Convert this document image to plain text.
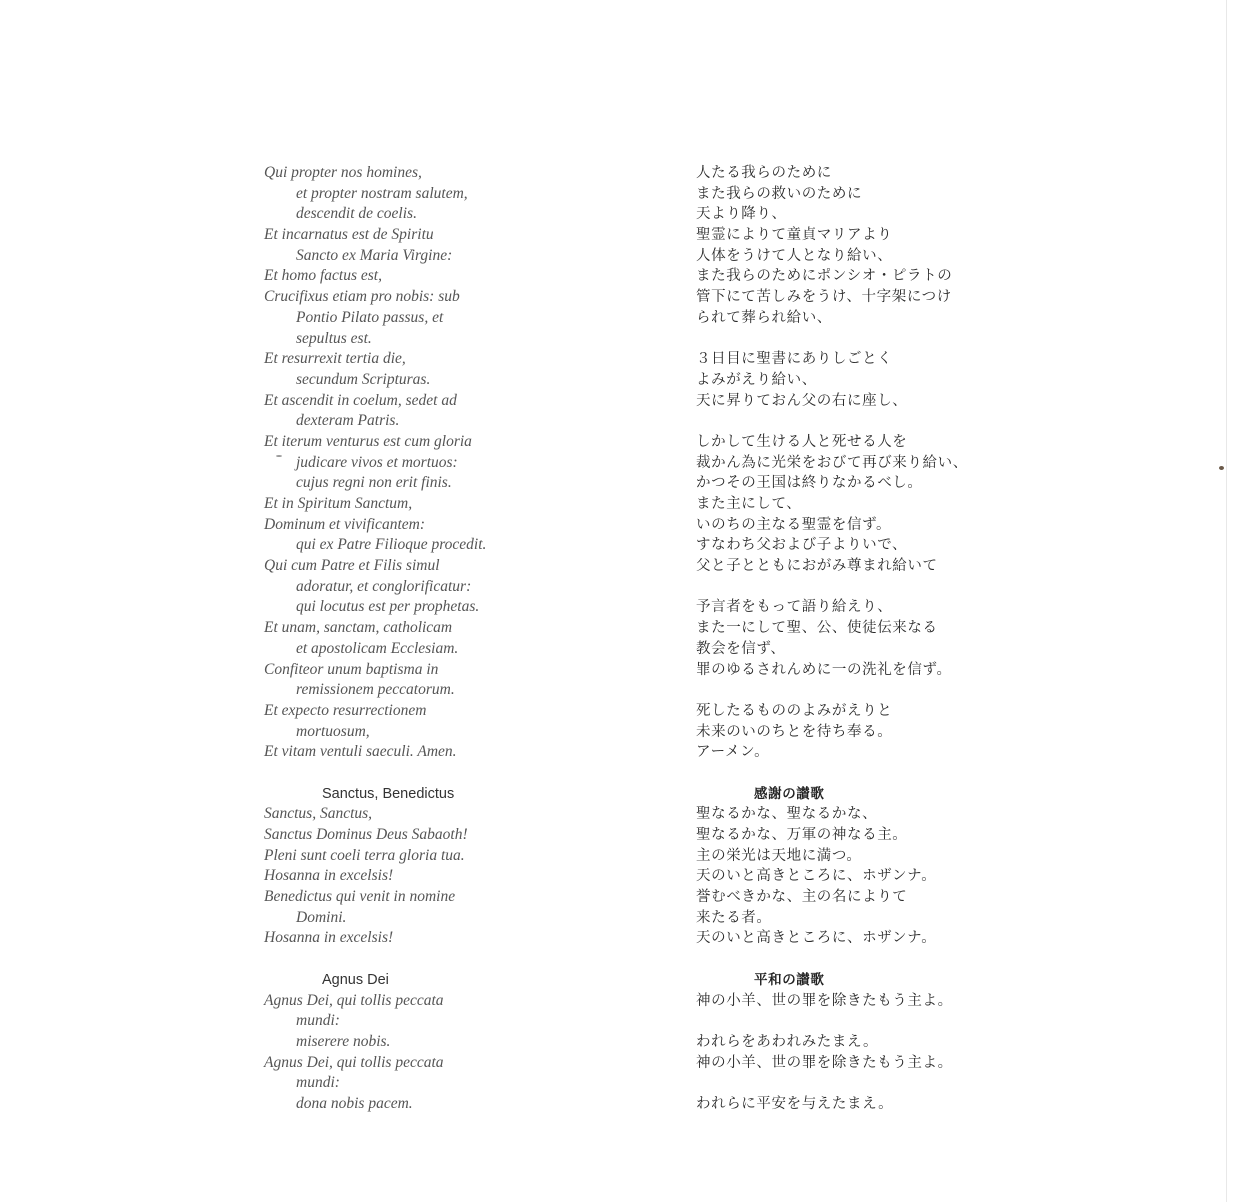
Qui propter nos homines,
et propter nostram salutem,
descendit de coelis.
Et incarnatus est de Spiritu
Sancto ex Maria Virgine:
Et homo factus est,
Crucifixus etiam pro nobis: sub
Pontio Pilato passus, et
sepultus est.
Et resurrexit tertia die,
secundum Scripturas.
Et ascendit in coelum, sedet ad
dexteram Patris.
Et iterum venturus est cum gloria
judicare vivos et mortuos:
cujus regni non erit finis.
Et in Spiritum Sanctum,
Dominum et vivificantem:
qui ex Patre Filioque procedit.
Qui cum Patre et Filis simul
adoratur, et conglorificatur:
qui locutus est per prophetas.
Et unam, sanctam, catholicam
et apostolicam Ecclesiam.
Confiteor unum baptisma in
remissionem peccatorum.
Et expecto resurrectionem
mortuosum,
Et vitam ventuli saeculi. Amen.
Sanctus, Benedictus
Sanctus, Sanctus,
Sanctus Dominus Deus Sabaoth!
Pleni sunt coeli terra gloria tua.
Hosanna in excelsis!
Benedictus qui venit in nomine
Domini.
Hosanna in excelsis!
Agnus Dei
Agnus Dei, qui tollis peccata
mundi:
miserere nobis.
Agnus Dei, qui tollis peccata
mundi:
dona nobis pacem.
人たる我らのために
また我らの救いのために
天より降り、
聖霊によりて童貞マリアより
人体をうけて人となり給い、
また我らのためにポンシオ・ピラトの
管下にて苦しみをうけ、十字架につけ
られて葬られ給い、
３日目に聖書にありしごとく
よみがえり給い、
天に昇りておん父の右に座し、
しかして生ける人と死せる人を
裁かん為に光栄をおびて再び来り給い、
かつその王国は終りなかるべし。
また主にして、
いのちの主なる聖霊を信ず。
すなわち父および子よりいで、
父と子とともにおがみ尊まれ給いて
予言者をもって語り給えり、
また一にして聖、公、使徒伝来なる
教会を信ず、
罪のゆるされんめに一の洗礼を信ず。
死したるもののよみがえりと
未来のいのちとを待ち奉る。
アーメン。
感謝の讃歌
聖なるかな、聖なるかな、
聖なるかな、万軍の神なる主。
主の栄光は天地に満つ。
天のいと高きところに、ホザンナ。
誉むべきかな、主の名によりて
来たる者。
天のいと高きところに、ホザンナ。
平和の讃歌
神の小羊、世の罪を除きたもう主よ。
われらをあわれみたまえ。
神の小羊、世の罪を除きたもう主よ。
われらに平安を与えたまえ。
